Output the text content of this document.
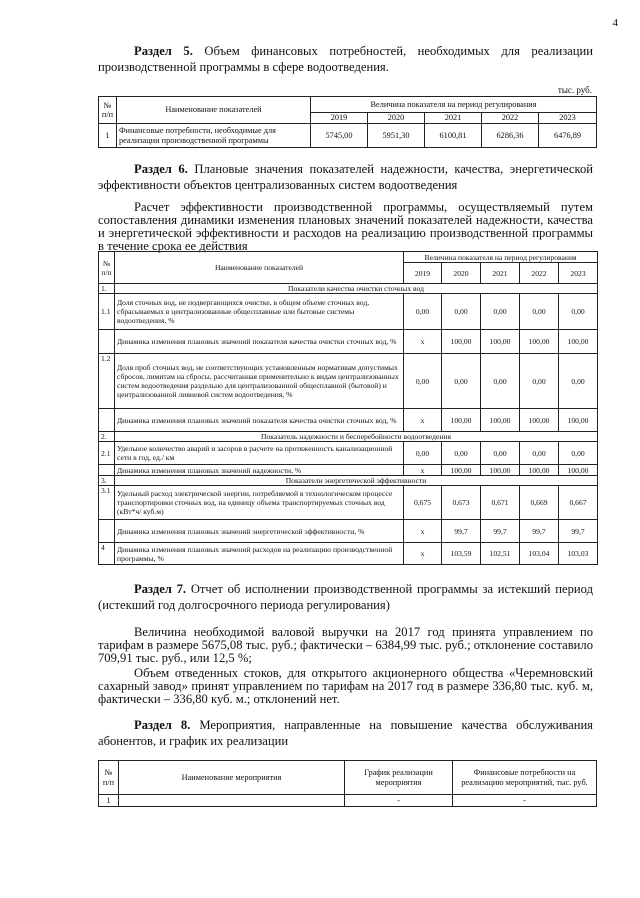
4
Раздел 5. Объем финансовых потребностей, необходимых для реализации производственной программы в сфере водоотведения.
тыс. руб.
№ п/п	Наименование показателей	Величина показателя на период регулирования				
		2019	2020	2021	2022	2023
1	Финансовые потребности, необходимые для реализации производственной программы	5745,00	5951,30	6100,81	6286,36	6476,89
Раздел 6. Плановые значения показателей надежности, качества, энергетической эффективности объектов централизованных систем водоотведения
Расчет эффективности производственной программы, осуществляемый путем сопоставления динамики изменения плановых значений показателей надежности, качества и энергетической эффективности и расходов на реализацию производственной программы в течение срока ее действия
№ п/п	Наименование показателей	Величина показателя на период регулирования				
		2019	2020	2021	2022	2023
1.	Показатели качества очистки сточных вод					
1.1	Доля сточных вод, не подвергающихся очистке, в общем объеме сточных вод, сбрасываемых в централизованные общесплавные или бытовые системы водоотведения, %	0,00	0,00	0,00	0,00	0,00
	Динамика изменения плановых значений показателя качества очистки сточных вод, %	x	100,00	100,00	100,00	100,00
1.2	Доля проб сточных вод, не соответствующих установленным нормативам допустимых сбросов, лимитам на сбросы, рассчитанная применительно к видам централизованных систем водоотведения раздельно для централизованной общесплавной (бытовой) и централизованной ливневой систем водоотведения, %	0,00	0,00	0,00	0,00	0,00
	Динамика изменения плановых значений показателя качества очистки сточных вод, %	x	100,00	100,00	100,00	100,00
2.	Показатель надежности и бесперебойности водоотведения					
2.1	Удельное количество аварий и засоров в расчете на протяженность канализационной сети в год, ед./ км	0,00	0,00	0,00	0,00	0,00
	Динамика изменения плановых значений надежности, %	x	100,00	100,00	100,00	100,00
3.	Показатели энергетической эффективности					
3.1	Удельный расход электрической энергии, потребляемой в технологическом процессе транспортировки сточных вод, на единицу объема транспортируемых сточных вод (кВт*ч/ куб.м)	0,675	0,673	0,671	0,669	0,667
	Динамика изменения плановых значений энергетической эффективности, %	x	99,7	99,7	99,7	99,7
4	Динамика изменения плановых значений расходов на реализацию производственной программы, %	x	103,59	102,51	103,04	103,03
Раздел 7. Отчет об исполнении производственной программы за истекший период (истекший год долгосрочного периода регулирования)
Величина необходимой валовой выручки на 2017 год принята управлением по тарифам в размере 5675,08 тыс. руб.; фактически – 6384,99 тыс. руб.; отклонение составило 709,91 тыс. руб., или 12,5 %;
Объем отведенных стоков, для открытого акционерного общества «Черемновский сахарный завод» принят управлением по тарифам на 2017 год в размере 336,80 тыс. куб. м, фактически – 336,80 куб. м.; отклонений нет.
Раздел 8. Мероприятия, направленные на повышение качества обслуживания абонентов, и график их реализации
№ п/п	Наименование мероприятия	График реализации мероприятия	Финансовые потребности на реализацию мероприятий, тыс. руб.
1		-	-
